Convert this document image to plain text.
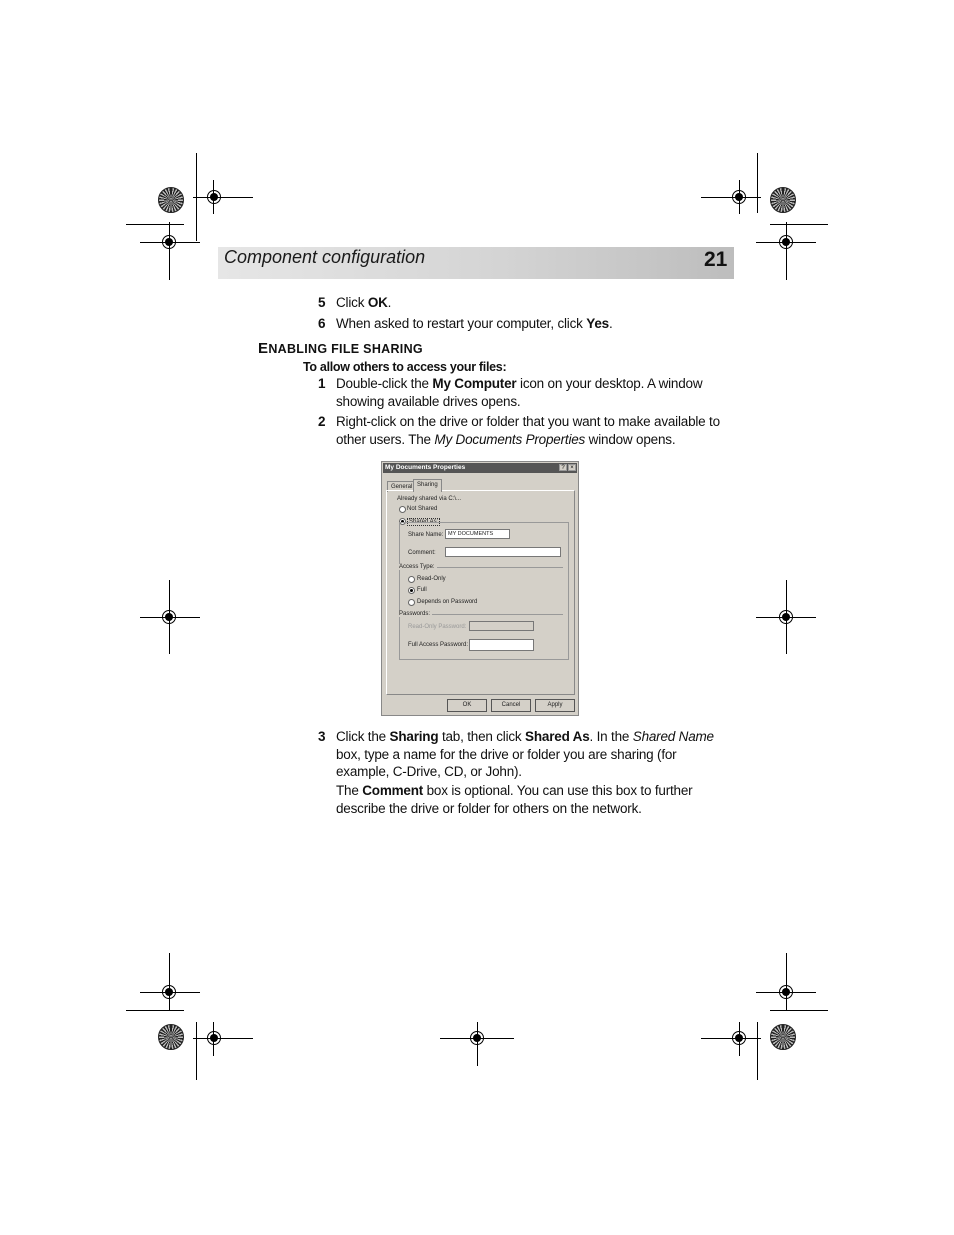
Component configuration	21
5 Click OK.
6 When asked to restart your computer, click Yes.
ENABLING FILE SHARING
To allow others to access your files:
1 Double-click the My Computer icon on your desktop. A window showing available drives opens.
2 Right-click on the drive or folder that you want to make available to other users. The My Documents Properties window opens.
My Documents Properties	? ×
General Sharing
Already shared via C:\...
Not Shared
Shared As:
Share Name: MY DOCUMENTS
Comment:
Access Type:
Read-Only
Full
Depends on Password
Passwords:
Read-Only Password:
Full Access Password:
OK	Cancel	Apply
3 Click the Sharing tab, then click Shared As. In the Shared Name box, type a name for the drive or folder you are sharing (for example, C-Drive, CD, or John).
The Comment box is optional. You can use this box to further describe the drive or folder for others on the network.
